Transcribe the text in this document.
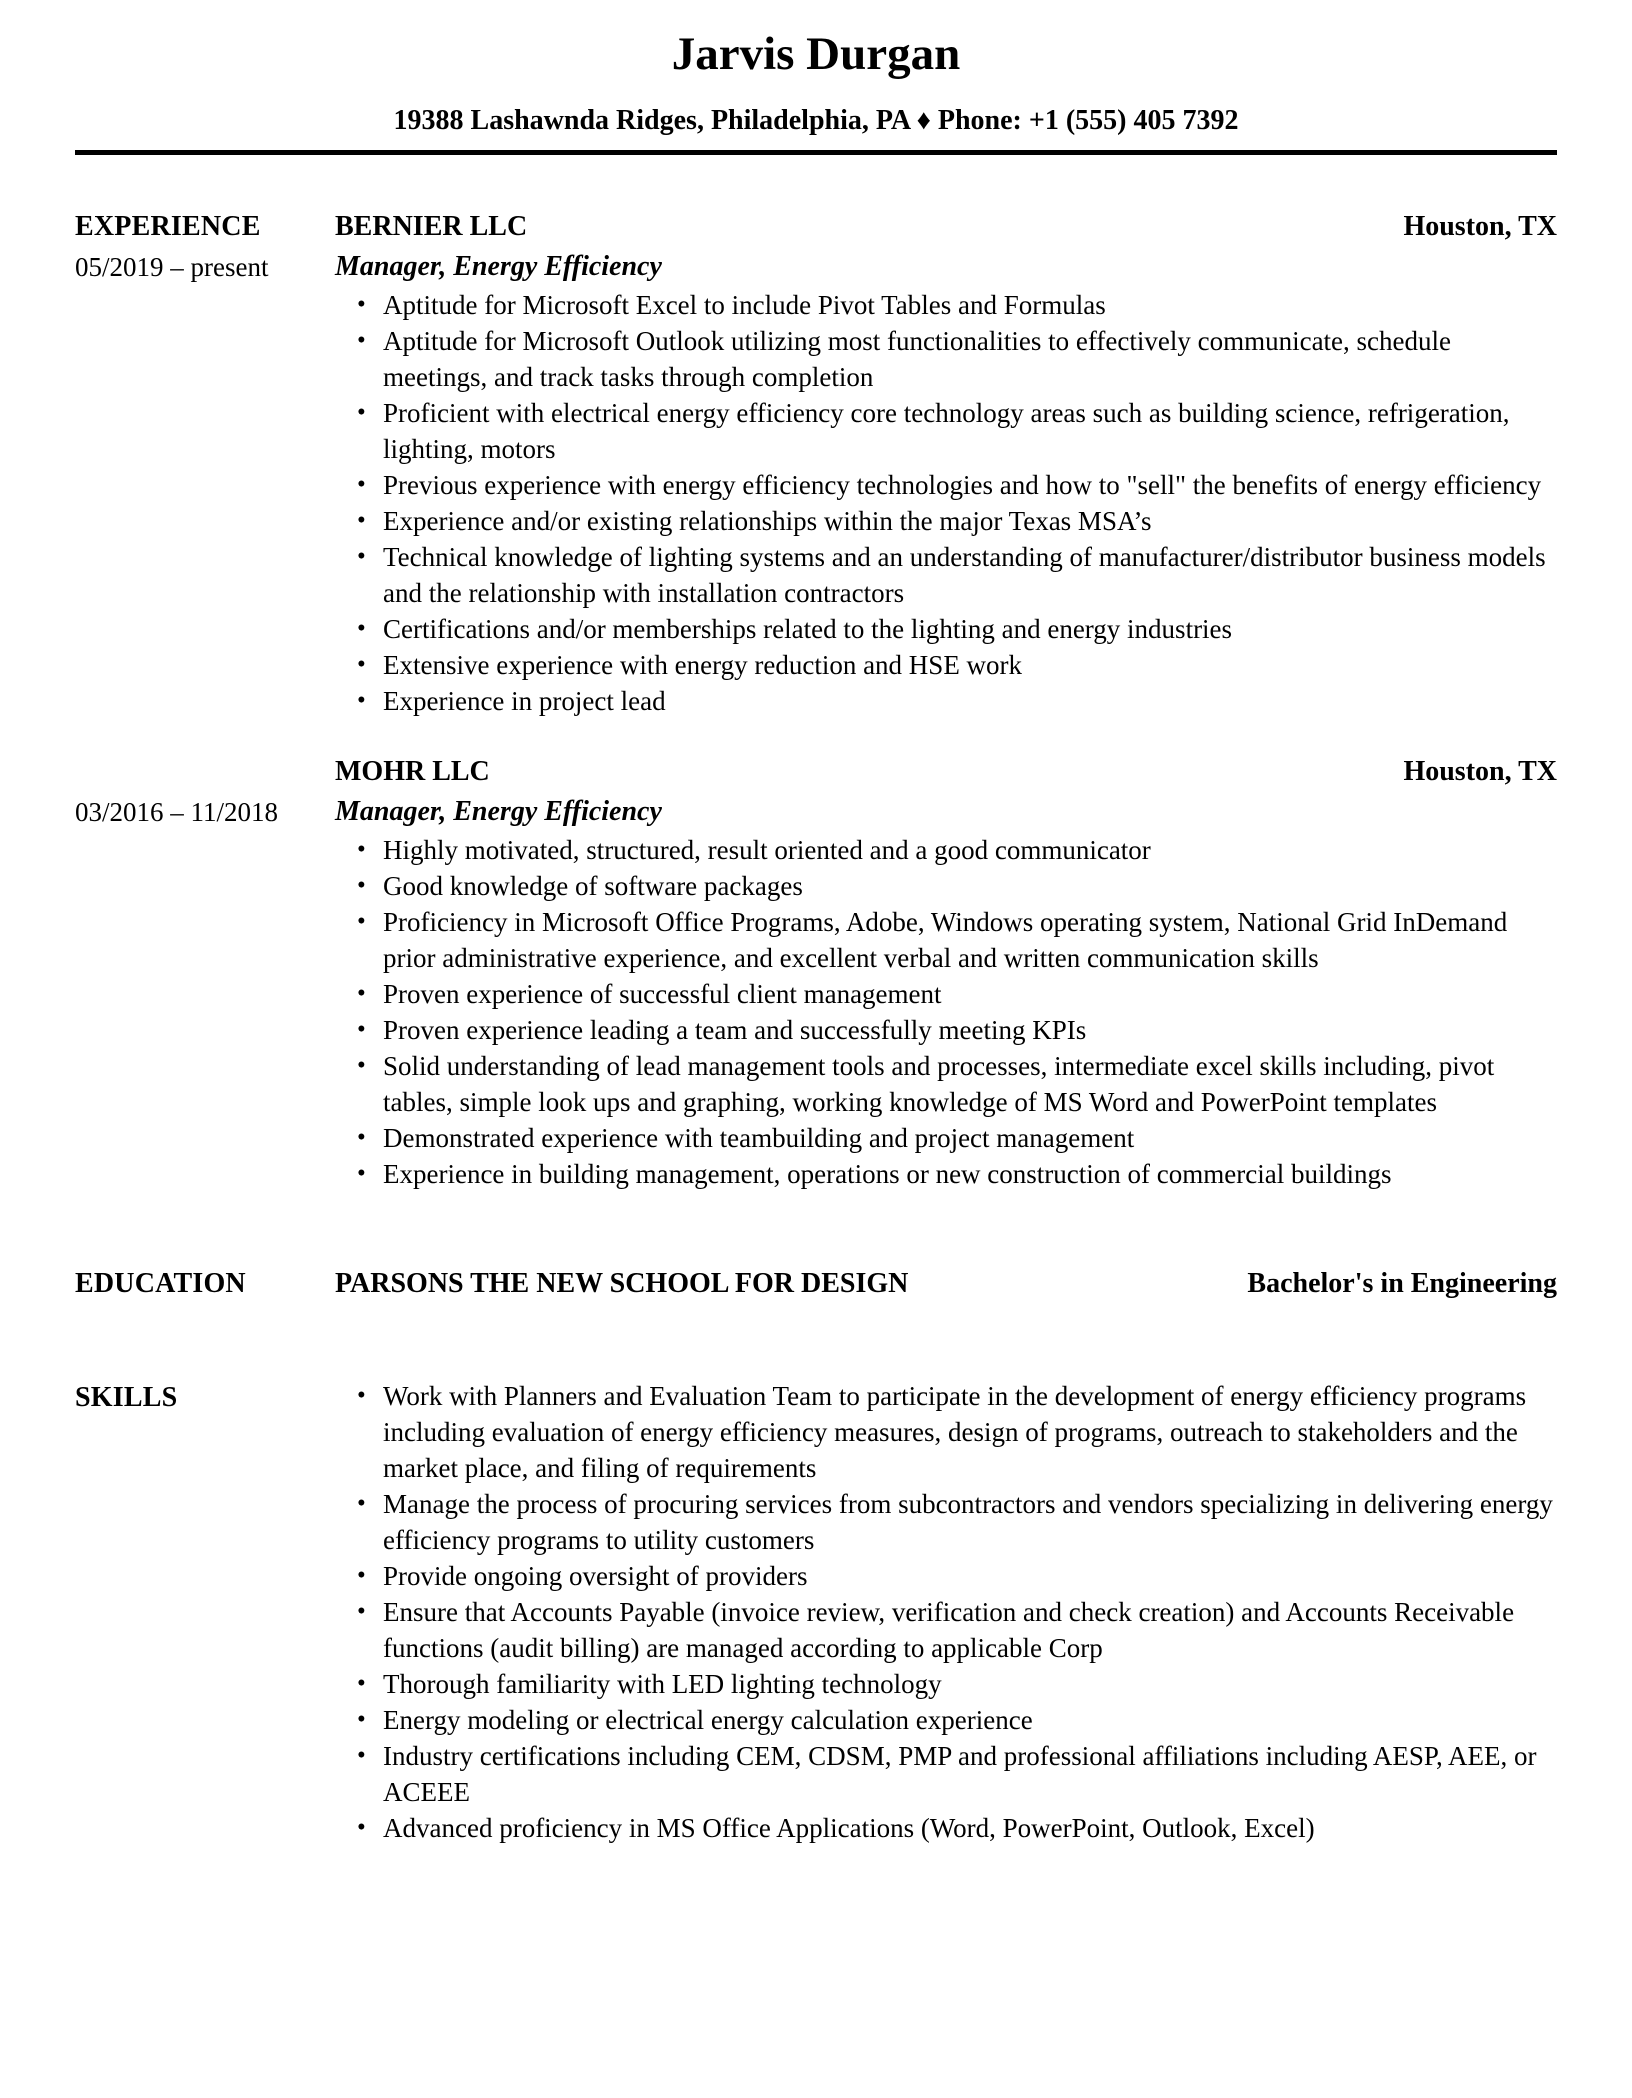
Jarvis Durgan
19388 Lashawnda Ridges, Philadelphia, PA ♦ Phone: +1 (555) 405 7392
EXPERIENCE
05/2019 – present
BERNIER LLC	Houston, TX
Manager, Energy Efficiency
• Aptitude for Microsoft Excel to include Pivot Tables and Formulas
• Aptitude for Microsoft Outlook utilizing most functionalities to effectively communicate, schedule meetings, and track tasks through completion
• Proficient with electrical energy efficiency core technology areas such as building science, refrigeration, lighting, motors
• Previous experience with energy efficiency technologies and how to "sell" the benefits of energy efficiency
• Experience and/or existing relationships within the major Texas MSA’s
• Technical knowledge of lighting systems and an understanding of manufacturer/distributor business models and the relationship with installation contractors
• Certifications and/or memberships related to the lighting and energy industries
• Extensive experience with energy reduction and HSE work
• Experience in project lead
03/2016 – 11/2018
MOHR LLC	Houston, TX
Manager, Energy Efficiency
• Highly motivated, structured, result oriented and a good communicator
• Good knowledge of software packages
• Proficiency in Microsoft Office Programs, Adobe, Windows operating system, National Grid InDemand prior administrative experience, and excellent verbal and written communication skills
• Proven experience of successful client management
• Proven experience leading a team and successfully meeting KPIs
• Solid understanding of lead management tools and processes, intermediate excel skills including, pivot tables, simple look ups and graphing, working knowledge of MS Word and PowerPoint templates
• Demonstrated experience with teambuilding and project management
• Experience in building management, operations or new construction of commercial buildings
EDUCATION	PARSONS THE NEW SCHOOL FOR DESIGN	Bachelor's in Engineering
SKILLS	• Work with Planners and Evaluation Team to participate in the development of energy efficiency programs including evaluation of energy efficiency measures, design of programs, outreach to stakeholders and the market place, and filing of requirements
• Manage the process of procuring services from subcontractors and vendors specializing in delivering energy efficiency programs to utility customers
• Provide ongoing oversight of providers
• Ensure that Accounts Payable (invoice review, verification and check creation) and Accounts Receivable functions (audit billing) are managed according to applicable Corp
• Thorough familiarity with LED lighting technology
• Energy modeling or electrical energy calculation experience
• Industry certifications including CEM, CDSM, PMP and professional affiliations including AESP, AEE, or ACEEE
• Advanced proficiency in MS Office Applications (Word, PowerPoint, Outlook, Excel)
